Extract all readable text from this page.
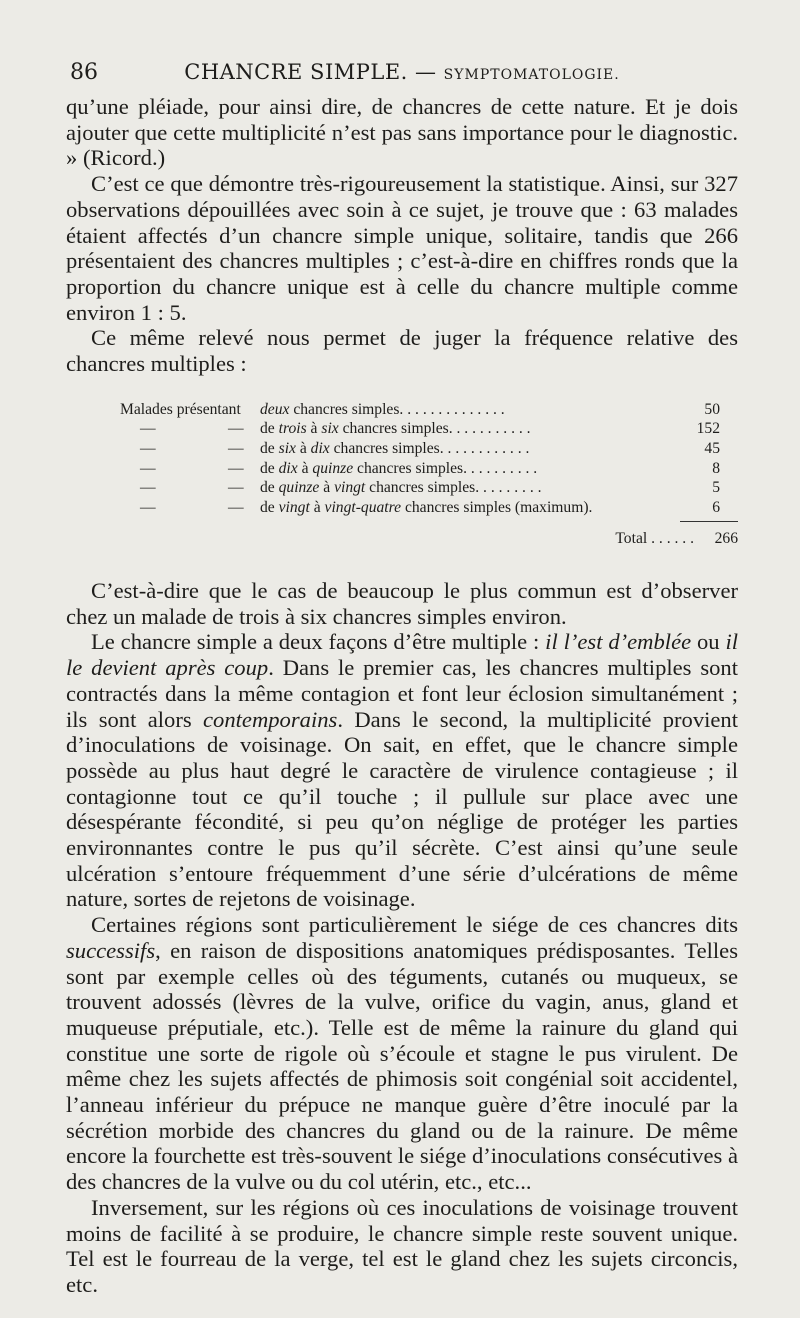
86	CHANCRE SIMPLE. — SYMPTOMATOLOGIE.

qu’une pléiade, pour ainsi dire, de chancres de cette nature. Et je dois ajouter que cette multiplicité n’est pas sans importance pour le diagnostic. » (Ricord.)

C’est ce que démontre très-rigoureusement la statistique. Ainsi, sur 327 observations dépouillées avec soin à ce sujet, je trouve que : 63 malades étaient affectés d’un chancre simple unique, solitaire, tandis que 266 présentaient des chancres multiples ; c’est-à-dire en chiffres ronds que la proportion du chancre unique est à celle du chancre multiple comme environ 1 : 5.

Ce même relevé nous permet de juger la fréquence relative des chancres multiples :

Malades présentant	deux chancres simples. . . . . . . . . . . . . .	50
—	—	de trois à six chancres simples. . . . . . . . . . .	152
—	—	de six à dix chancres simples. . . . . . . . . . . .	45
—	—	de dix à quinze chancres simples. . . . . . . . . .	8
—	—	de quinze à vingt chancres simples. . . . . . . . .	5
—	—	de vingt à vingt-quatre chancres simples (maximum).	6
Total . . . . . .	266

C’est-à-dire que le cas de beaucoup le plus commun est d’observer chez un malade de trois à six chancres simples environ.

Le chancre simple a deux façons d’être multiple : il l’est d’emblée ou il le devient après coup. Dans le premier cas, les chancres multiples sont contractés dans la même contagion et font leur éclosion simultanément ; ils sont alors contemporains. Dans le second, la multiplicité provient d’inoculations de voisinage. On sait, en effet, que le chancre simple possède au plus haut degré le caractère de virulence contagieuse ; il contagionne tout ce qu’il touche ; il pullule sur place avec une désespérante fécondité, si peu qu’on néglige de protéger les parties environnantes contre le pus qu’il sécrète. C’est ainsi qu’une seule ulcération s’entoure fréquemment d’une série d’ulcérations de même nature, sortes de rejetons de voisinage.

Certaines régions sont particulièrement le siége de ces chancres dits successifs, en raison de dispositions anatomiques prédisposantes. Telles sont par exemple celles où des téguments, cutanés ou muqueux, se trouvent adossés (lèvres de la vulve, orifice du vagin, anus, gland et muqueuse préputiale, etc.). Telle est de même la rainure du gland qui constitue une sorte de rigole où s’écoule et stagne le pus virulent. De même chez les sujets affectés de phimosis soit congénial soit accidentel, l’anneau inférieur du prépuce ne manque guère d’être inoculé par la sécrétion morbide des chancres du gland ou de la rainure. De même encore la fourchette est très-souvent le siége d’inoculations consécutives à des chancres de la vulve ou du col utérin, etc., etc...

Inversement, sur les régions où ces inoculations de voisinage trouvent moins de facilité à se produire, le chancre simple reste souvent unique. Tel est le fourreau de la verge, tel est le gland chez les sujets circoncis, etc.
